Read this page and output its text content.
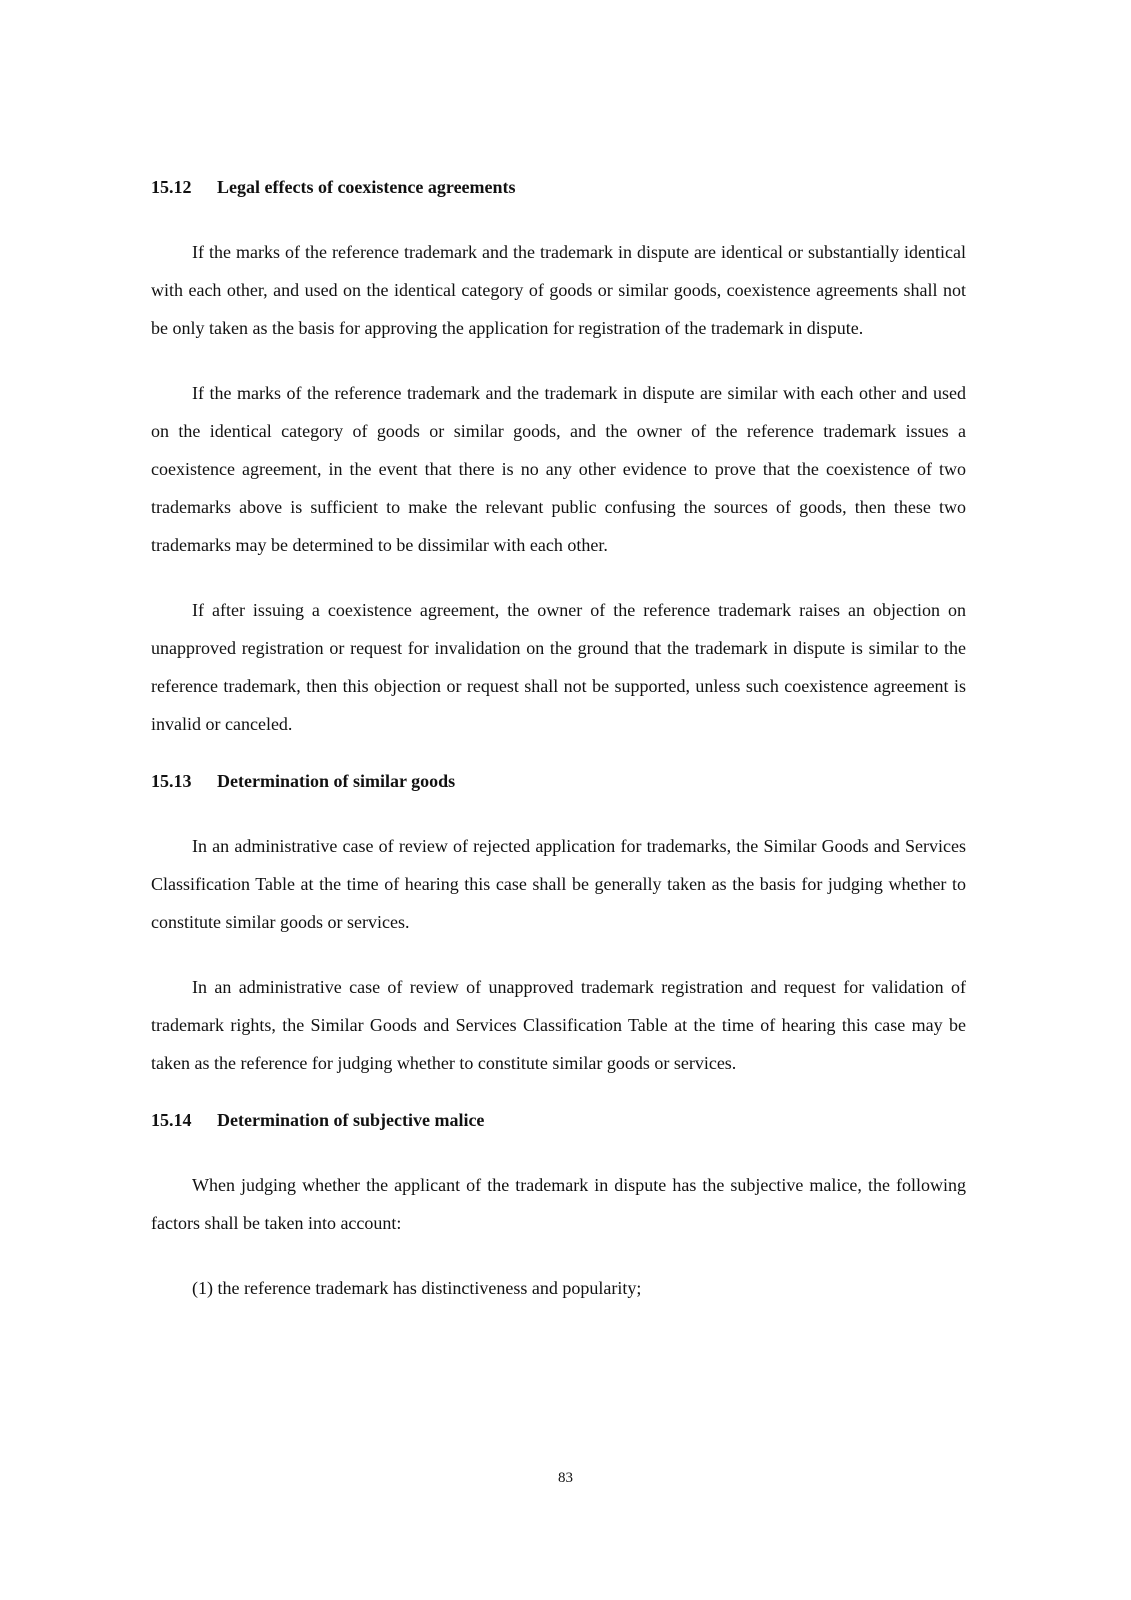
15.12 Legal effects of coexistence agreements

If the marks of the reference trademark and the trademark in dispute are identical or substantially identical with each other, and used on the identical category of goods or similar goods, coexistence agreements shall not be only taken as the basis for approving the application for registration of the trademark in dispute.

If the marks of the reference trademark and the trademark in dispute are similar with each other and used on the identical category of goods or similar goods, and the owner of the reference trademark issues a coexistence agreement, in the event that there is no any other evidence to prove that the coexistence of two trademarks above is sufficient to make the relevant public confusing the sources of goods, then these two trademarks may be determined to be dissimilar with each other.

If after issuing a coexistence agreement, the owner of the reference trademark raises an objection on unapproved registration or request for invalidation on the ground that the trademark in dispute is similar to the reference trademark, then this objection or request shall not be supported, unless such coexistence agreement is invalid or canceled.

15.13 Determination of similar goods

In an administrative case of review of rejected application for trademarks, the Similar Goods and Services Classification Table at the time of hearing this case shall be generally taken as the basis for judging whether to constitute similar goods or services.

In an administrative case of review of unapproved trademark registration and request for validation of trademark rights, the Similar Goods and Services Classification Table at the time of hearing this case may be taken as the reference for judging whether to constitute similar goods or services.

15.14 Determination of subjective malice

When judging whether the applicant of the trademark in dispute has the subjective malice, the following factors shall be taken into account:

(1) the reference trademark has distinctiveness and popularity;

83
